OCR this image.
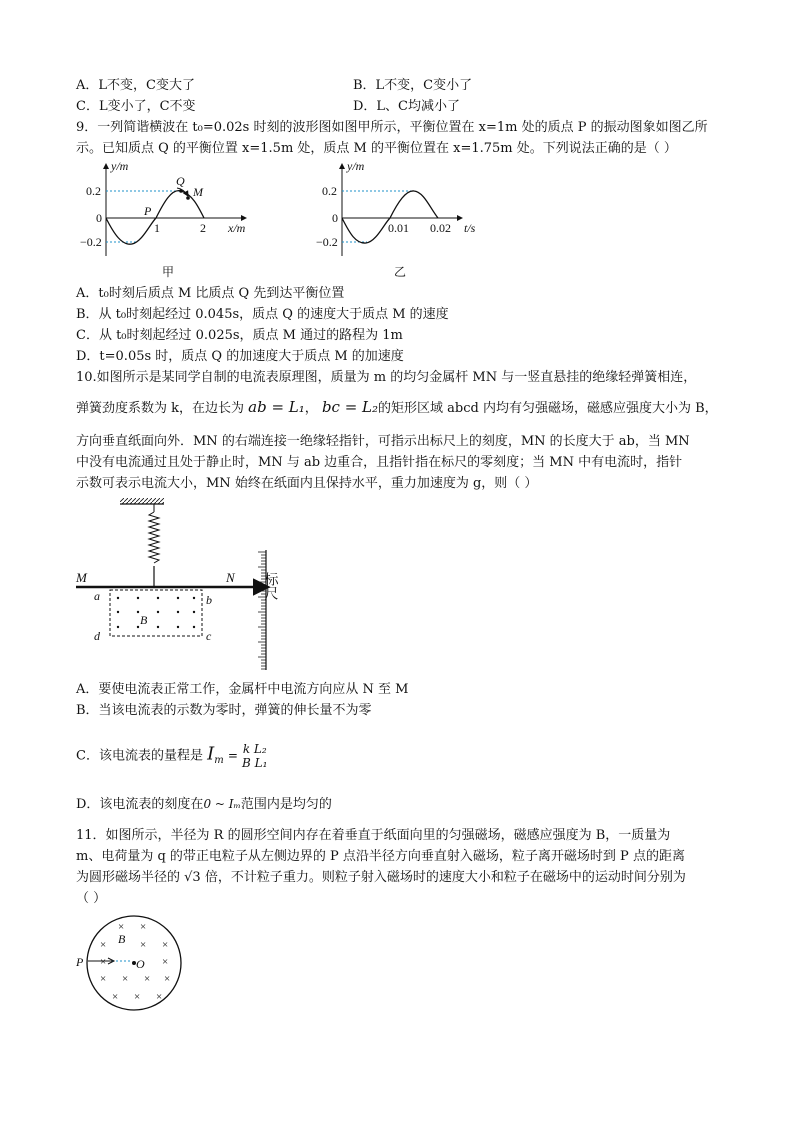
A．L不变，C变大了	B．L不变，C变小了
C．L变小了，C不变	D．L、C均减小了
9．一列简谐横波在 t₀=0.02s 时刻的波形图如图甲所示，平衡位置在 x=1m 处的质点 P 的振动图象如图乙所
示。已知质点 Q 的平衡位置 x=1.5m 处，质点 M 的平衡位置在 x=1.75m 处。下列说法正确的是（ ）
y/m
x/m
0.2
0
−0.2
1	2
P
Q
M
甲
y/m
t/s
0.2
0
−0.2
0.01 0.02
乙
A．t₀时刻后质点 M 比质点 Q 先到达平衡位置
B．从 t₀时刻起经过 0.045s，质点 Q 的速度大于质点 M 的速度
C．从 t₀时刻起经过 0.025s，质点 M 通过的路程为 1m
D．t=0.05s 时，质点 Q 的加速度大于质点 M 的加速度
10.如图所示是某同学自制的电流表原理图，质量为 m 的均匀金属杆 MN 与一竖直悬挂的绝缘轻弹簧相连，
弹簧劲度系数为 k，在边长为 ab = L₁， bc = L₂的矩形区域 abcd 内均有匀强磁场，磁感应强度大小为 B，
方向垂直纸面向外．MN 的右端连接一绝缘轻指针，可指示出标尺上的刻度，MN 的长度大于 ab，当 MN
中没有电流通过且处于静止时，MN 与 ab 边重合，且指针指在标尺的零刻度；当 MN 中有电流时，指针
示数可表示电流大小，MN 始终在纸面内且保持水平，重力加速度为 g，则（ ）
M	N
a	b
c
d
B
标尺
A．要使电流表正常工作，金属杆中电流方向应从 N 至 M
B．当该电流表的示数为零时，弹簧的伸长量不为零
C．该电流表的量程是 $I_m = k$ L₂
B L₁
D．该电流表的刻度在0 ~ Iₘ范围内是均匀的
11．如图所示，半径为 R 的圆形空间内存在着垂直于纸面向里的匀强磁场，磁感应强度为 B，一质量为
m、电荷量为 q 的带正电粒子从左侧边界的 P 点沿半径方向垂直射入磁场，粒子离开磁场时到 P 点的距离
为圆形磁场半径的 √3 倍，不计粒子重力。则粒子射入磁场时的速度大小和粒子在磁场中的运动时间分别为
（ ）
× ×
×	× ×
×	×
× × × ×
× × ×
B
P	O
